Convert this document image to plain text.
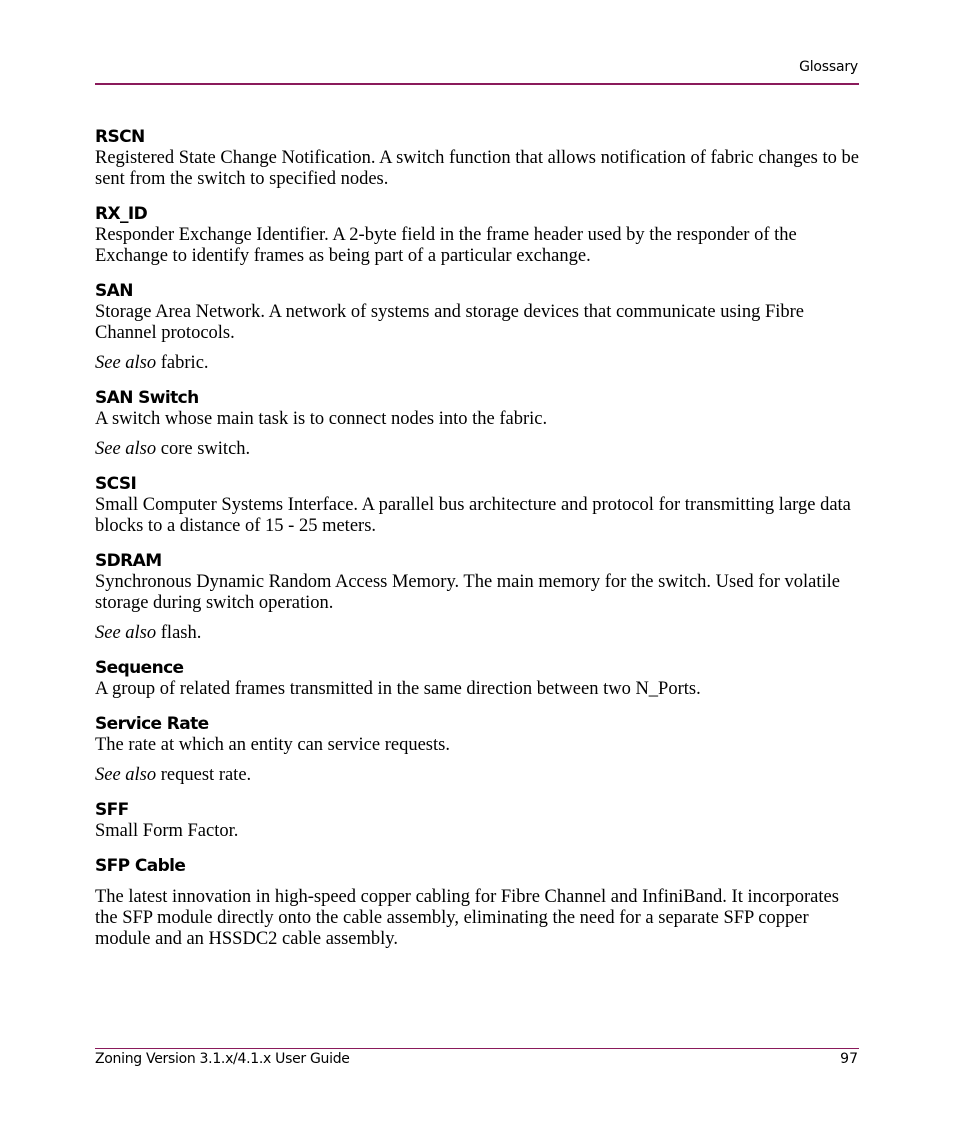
Glossary

RSCN

Registered State Change Notification. A switch function that allows notification of fabric changes to be sent from the switch to specified nodes.

RX_ID

Responder Exchange Identifier. A 2-byte field in the frame header used by the responder of the Exchange to identify frames as being part of a particular exchange.

SAN

Storage Area Network. A network of systems and storage devices that communicate using Fibre Channel protocols.

See also fabric.

SAN Switch

A switch whose main task is to connect nodes into the fabric.

See also core switch.

SCSI

Small Computer Systems Interface. A parallel bus architecture and protocol for transmitting large data blocks to a distance of 15 - 25 meters.

SDRAM

Synchronous Dynamic Random Access Memory. The main memory for the switch. Used for volatile storage during switch operation.

See also flash.

Sequence

A group of related frames transmitted in the same direction between two N_Ports.

Service Rate

The rate at which an entity can service requests.

See also request rate.

SFF

Small Form Factor.

SFP Cable

The latest innovation in high-speed copper cabling for Fibre Channel and InfiniBand. It incorporates the SFP module directly onto the cable assembly, eliminating the need for a separate SFP copper module and an HSSDC2 cable assembly.

Zoning Version 3.1.x/4.1.x User Guide	97
